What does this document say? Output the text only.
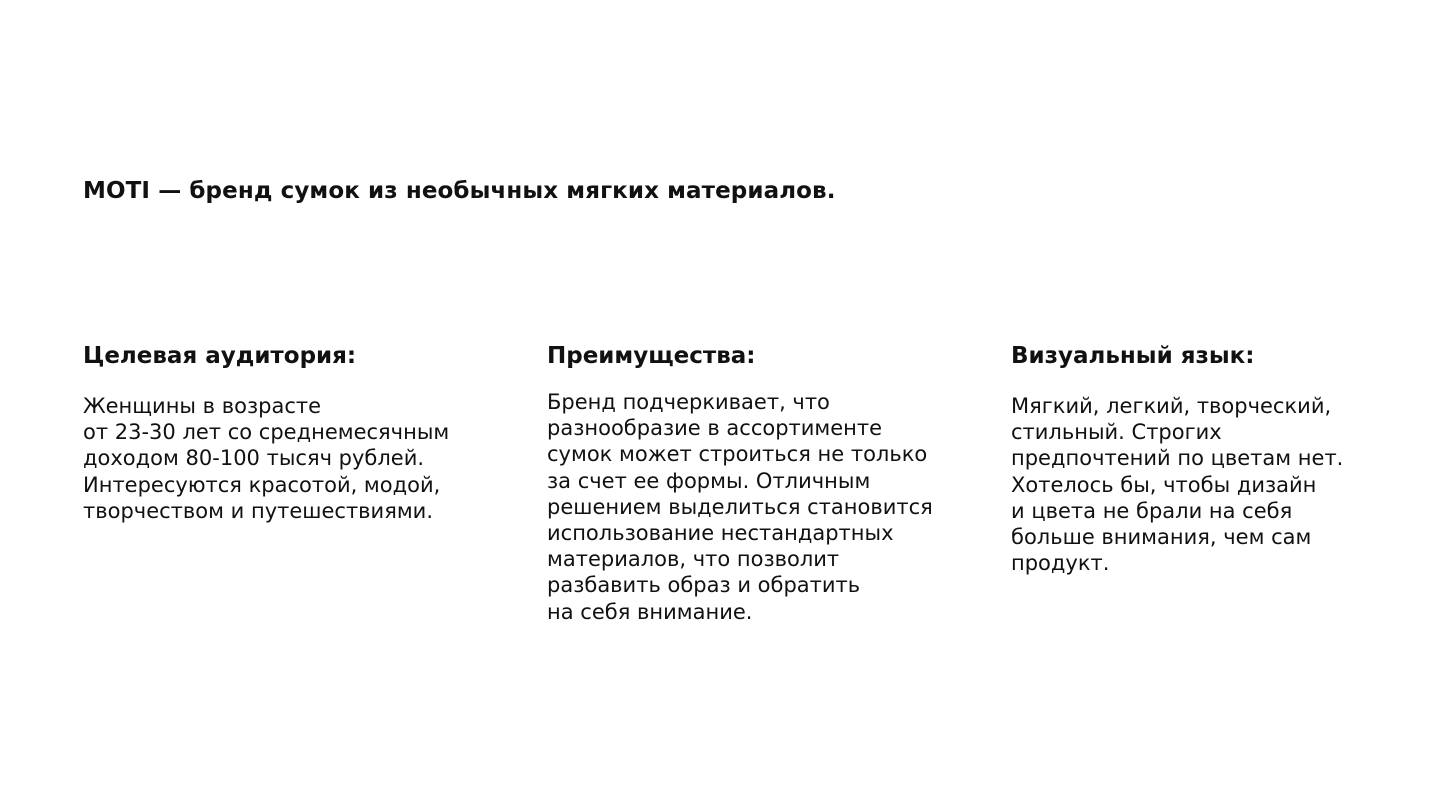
MOTI — бренд сумок из необычных мягких материалов.
Целевая аудитория:

Женщины в возрасте
от 23-30 лет со среднемесячным
доходом 80-100 тысяч рублей.
Интересуются красотой, модой,
творчеством и путешествиями.

Преимущества:

Бренд подчеркивает, что
разнообразие в ассортименте
сумок может строиться не только
за счет ее формы. Отличным
решением выделиться становится
использование нестандартных
материалов, что позволит
разбавить образ и обратить
на себя внимание.

Визуальный язык:

Мягкий, легкий, творческий,
стильный. Строгих
предпочтений по цветам нет.
Хотелось бы, чтобы дизайн
и цвета не брали на себя
больше внимания, чем сам
продукт.
